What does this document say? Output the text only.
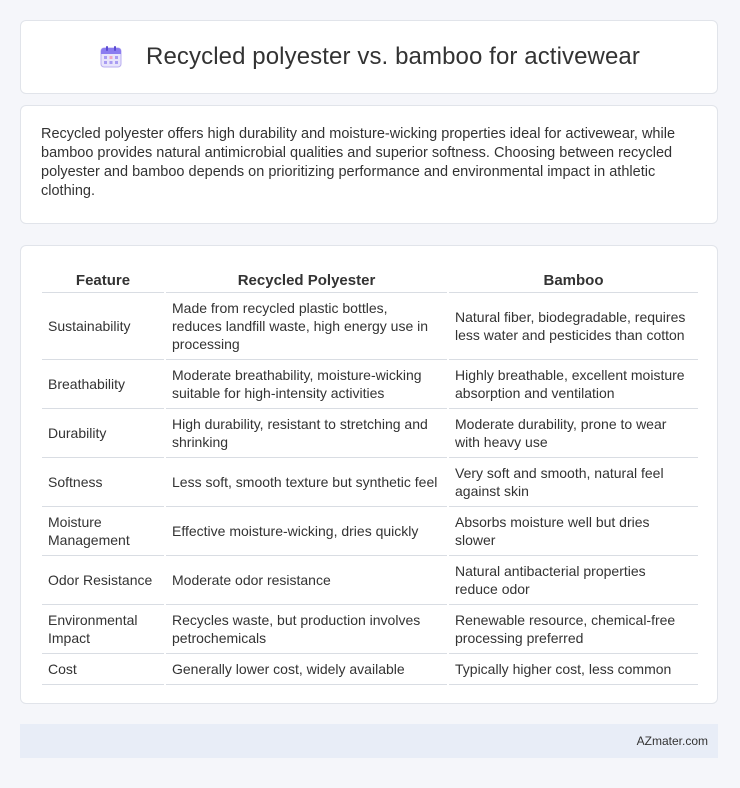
Recycled polyester vs. bamboo for activewear

Recycled polyester offers high durability and moisture-wicking properties ideal for activewear, while bamboo provides natural antimicrobial qualities and superior softness. Choosing between recycled polyester and bamboo depends on prioritizing performance and environmental impact in athletic clothing.

Feature	Recycled Polyester	Bamboo
Sustainability	Made from recycled plastic bottles, reduces landfill waste, high energy use in processing	Natural fiber, biodegradable, requires less water and pesticides than cotton
Breathability	Moderate breathability, moisture-wicking suitable for high-intensity activities	Highly breathable, excellent moisture absorption and ventilation
Durability	High durability, resistant to stretching and shrinking	Moderate durability, prone to wear with heavy use
Softness	Less soft, smooth texture but synthetic feel	Very soft and smooth, natural feel against skin
Moisture Management	Effective moisture-wicking, dries quickly	Absorbs moisture well but dries slower
Odor Resistance	Moderate odor resistance	Natural antibacterial properties reduce odor
Environmental Impact	Recycles waste, but production involves petrochemicals	Renewable resource, chemical-free processing preferred
Cost	Generally lower cost, widely available	Typically higher cost, less common
AZmater.com
